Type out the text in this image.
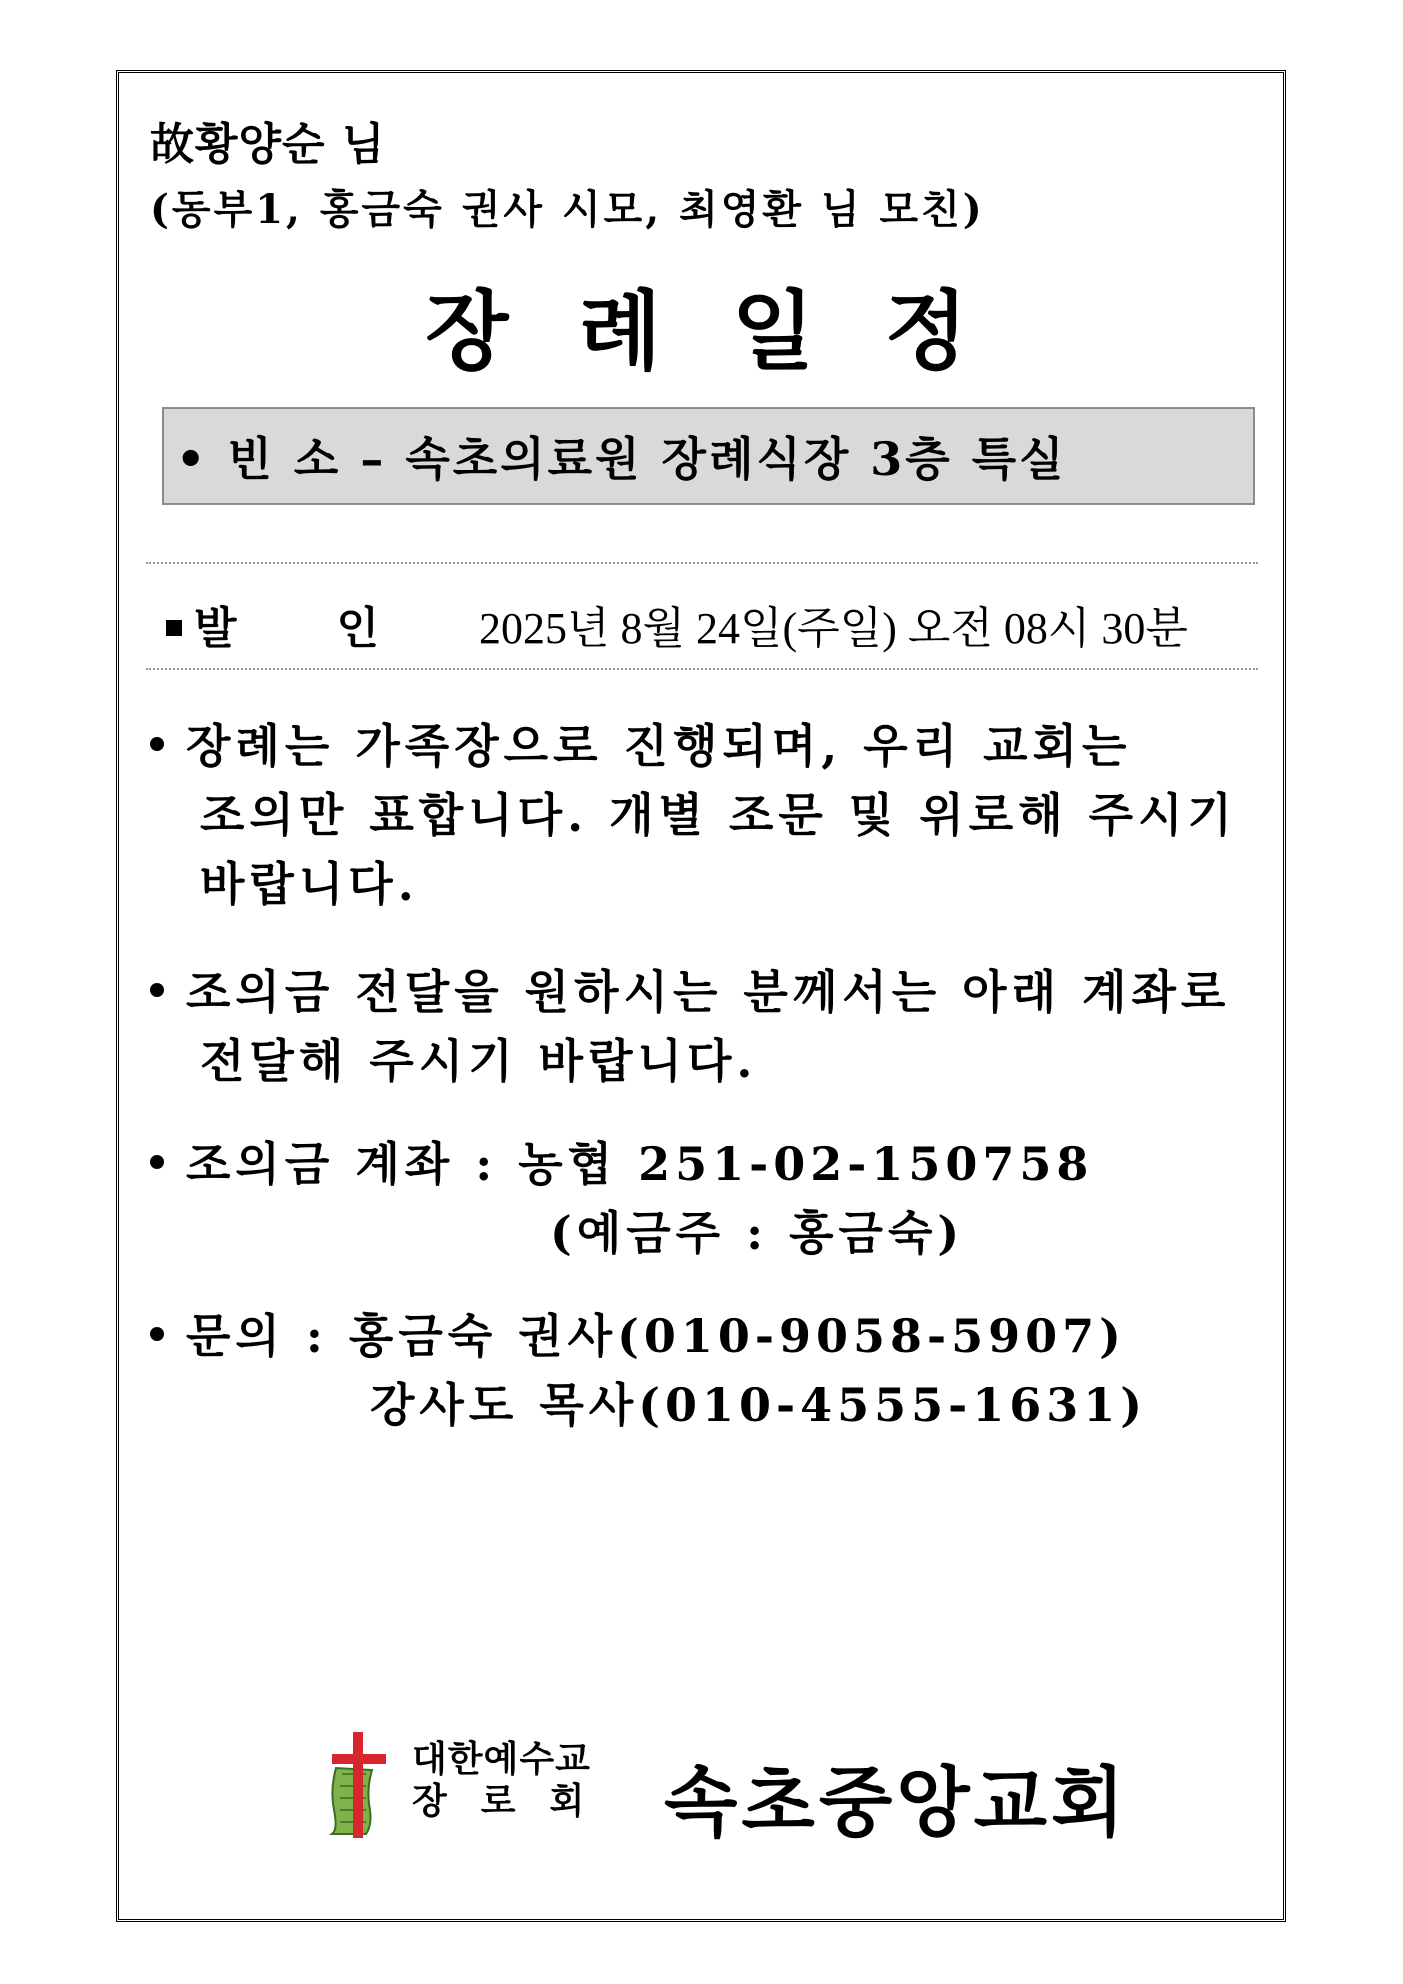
故황양순 님
(동부1, 홍금숙 권사 시모, 최영환 님 모친)
장례일정
• 빈 소 – 속초의료원 장례식장 3층 특실
발인2025년 8월 24일(주일) 오전 08시 30분
장례는 가족장으로 진행되며, 우리 교회는
조의만 표합니다. 개별 조문 및 위로해 주시기
바랍니다.
조의금 전달을 원하시는 분께서는 아래 계좌로
전달해 주시기 바랍니다.
조의금 계좌 : 농협 251-02-150758
(예금주 : 홍금숙)
문의 : 홍금숙 권사(010-9058-5907)
강사도 목사(010-4555-1631)
대한예수교
장로회 속초중앙교회
